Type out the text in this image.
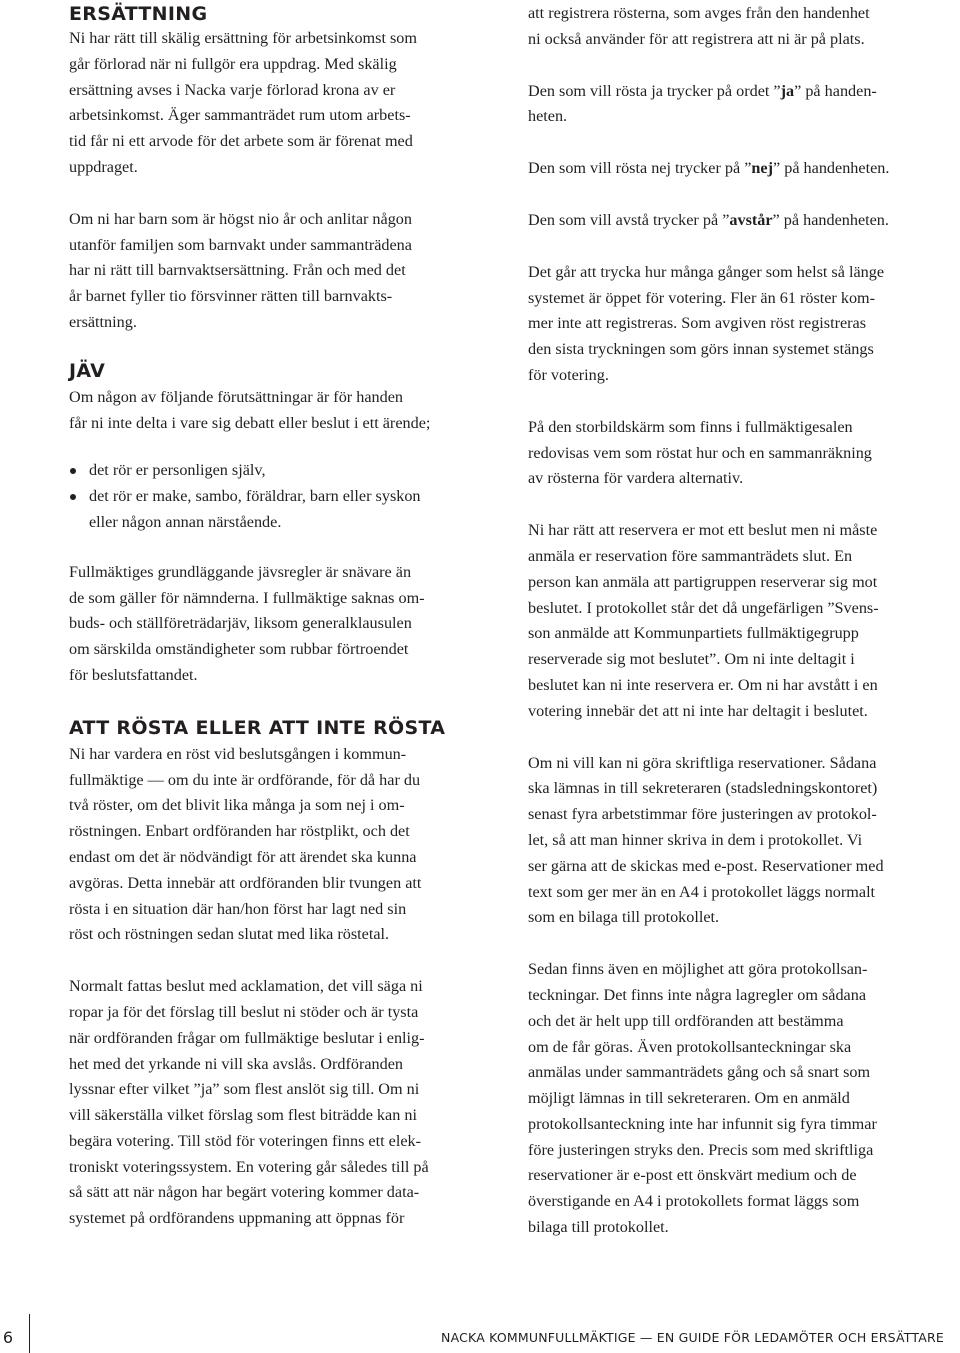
ERSÄTTNING

Ni har rätt till skälig ersättning för arbetsinkomst som
går förlorad när ni fullgör era uppdrag. Med skälig
ersättning avses i Nacka varje förlorad krona av er
arbetsinkomst. Äger sammanträdet rum utom arbets-
tid får ni ett arvode för det arbete som är förenat med
uppdraget.

Om ni har barn som är högst nio år och anlitar någon
utanför familjen som barnvakt under sammanträdena
har ni rätt till barnvaktsersättning. Från och med det
år barnet fyller tio försvinner rätten till barnvakts-
ersättning.

JÄV

Om någon av följande förutsättningar är för handen
får ni inte delta i vare sig debatt eller beslut i ett ärende;

det rör er personligen själv,
det rör er make, sambo, föräldrar, barn eller syskon
eller någon annan närstående.

Fullmäktiges grundläggande jävsregler är snävare än
de som gäller för nämnderna. I fullmäktige saknas om-
buds- och ställföreträdarjäv, liksom generalklausulen
om särskilda omständigheter som rubbar förtroendet
för beslutsfattandet.

ATT RÖSTA ELLER ATT INTE RÖSTA

Ni har vardera en röst vid beslutsgången i kommun-
fullmäktige — om du inte är ordförande, för då har du
två röster, om det blivit lika många ja som nej i om-
röstningen. Enbart ordföranden har röstplikt, och det
endast om det är nödvändigt för att ärendet ska kunna
avgöras. Detta innebär att ordföranden blir tvungen att
rösta i en situation där han/hon först har lagt ned sin
röst och röstningen sedan slutat med lika röstetal.

Normalt fattas beslut med acklamation, det vill säga ni
ropar ja för det förslag till beslut ni stöder och är tysta
när ordföranden frågar om fullmäktige beslutar i enlig-
het med det yrkande ni vill ska avslås. Ordföranden
lyssnar efter vilket ”ja” som flest anslöt sig till. Om ni
vill säkerställa vilket förslag som flest biträdde kan ni
begära votering. Till stöd för voteringen finns ett elek-
troniskt voteringssystem. En votering går således till på
så sätt att när någon har begärt votering kommer data-
systemet på ordförandens uppmaning att öppnas för

att registrera rösterna, som avges från den handenhet
ni också använder för att registrera att ni är på plats.

Den som vill rösta ja trycker på ordet ”ja” på handen-
heten.

Den som vill rösta nej trycker på ”nej” på handenheten.

Den som vill avstå trycker på ”avstår” på handenheten.

Det går att trycka hur många gånger som helst så länge
systemet är öppet för votering. Fler än 61 röster kom-
mer inte att registreras. Som avgiven röst registreras
den sista tryckningen som görs innan systemet stängs
för votering.

På den storbildskärm som finns i fullmäktigesalen
redovisas vem som röstat hur och en sammanräkning
av rösterna för vardera alternativ.

Ni har rätt att reservera er mot ett beslut men ni måste
anmäla er reservation före sammanträdets slut. En
person kan anmäla att partigruppen reserverar sig mot
beslutet. I protokollet står det då ungefärligen ”Svens-
son anmälde att Kommunpartiets fullmäktigegrupp
reserverade sig mot beslutet”. Om ni inte deltagit i
beslutet kan ni inte reservera er. Om ni har avstått i en
votering innebär det att ni inte har deltagit i beslutet.

Om ni vill kan ni göra skriftliga reservationer. Sådana
ska lämnas in till sekreteraren (stadsledningskontoret)
senast fyra arbetstimmar före justeringen av protokol-
let, så att man hinner skriva in dem i protokollet. Vi
ser gärna att de skickas med e-post. Reservationer med
text som ger mer än en A4 i protokollet läggs normalt
som en bilaga till protokollet.

Sedan finns även en möjlighet att göra protokollsan-
teckningar. Det finns inte några lagregler om sådana
och det är helt upp till ordföranden att bestämma
om de får göras. Även protokollsanteckningar ska
anmälas under sammanträdets gång och så snart som
möjligt lämnas in till sekreteraren. Om en anmäld
protokollsanteckning inte har infunnit sig fyra timmar
före justeringen stryks den. Precis som med skriftliga
reservationer är e-post ett önskvärt medium och de
överstigande en A4 i protokollets format läggs som
bilaga till protokollet.

6	NACKA KOMMUNFULLMÄKTIGE — EN GUIDE FÖR LEDAMÖTER OCH ERSÄTTARE
